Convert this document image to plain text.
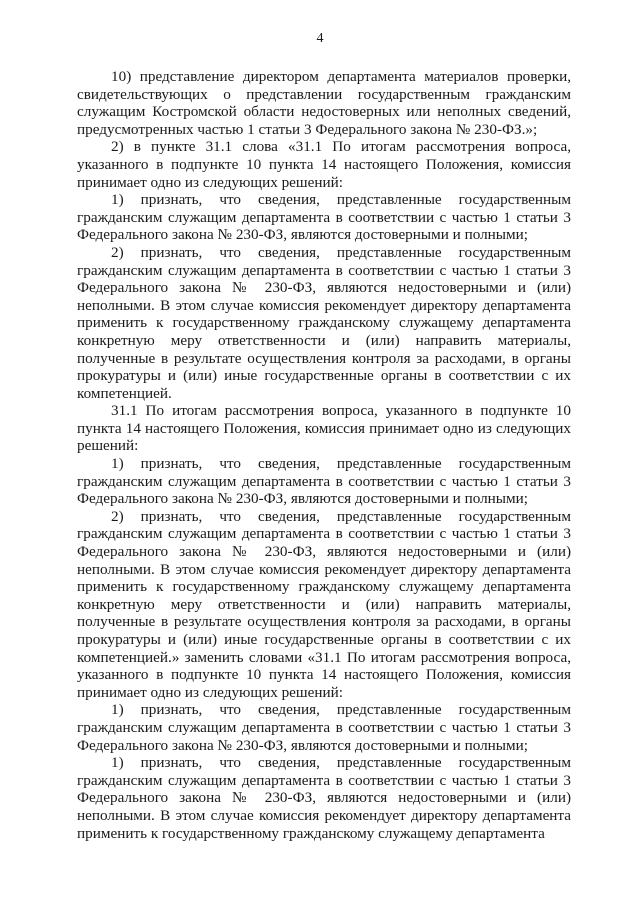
4

10) представление директором департамента материалов проверки, свидетельствующих о представлении государственным гражданским служащим Костромской области недостоверных или неполных сведений, предусмотренных частью 1 статьи 3 Федерального закона № 230-ФЗ.»;

2) в пункте 31.1 слова «31.1 По итогам рассмотрения вопроса, указанного в подпункте 10 пункта 14 настоящего Положения, комиссия принимает одно из следующих решений:

1) признать, что сведения, представленные государственным гражданским служащим департамента в соответствии с частью 1 статьи 3 Федерального закона № 230-ФЗ, являются достоверными и полными;

2) признать, что сведения, представленные государственным гражданским служащим департамента в соответствии с частью 1 статьи 3 Федерального закона № 230-ФЗ, являются недостоверными и (или) неполными. В этом случае комиссия рекомендует директору департамента применить к государственному гражданскому служащему департамента конкретную меру ответственности и (или) направить материалы, полученные в результате осуществления контроля за расходами, в органы прокуратуры и (или) иные государственные органы в соответствии с их компетенцией.

31.1 По итогам рассмотрения вопроса, указанного в подпункте 10 пункта 14 настоящего Положения, комиссия принимает одно из следующих решений:

1) признать, что сведения, представленные государственным гражданским служащим департамента в соответствии с частью 1 статьи 3 Федерального закона № 230-ФЗ, являются достоверными и полными;

2) признать, что сведения, представленные государственным гражданским служащим департамента в соответствии с частью 1 статьи 3 Федерального закона № 230-ФЗ, являются недостоверными и (или) неполными. В этом случае комиссия рекомендует директору департамента применить к государственному гражданскому служащему департамента конкретную меру ответственности и (или) направить материалы, полученные в результате осуществления контроля за расходами, в органы прокуратуры и (или) иные государственные органы в соответствии с их компетенцией.» заменить словами «31.1 По итогам рассмотрения вопроса, указанного в подпункте 10 пункта 14 настоящего Положения, комиссия принимает одно из следующих решений:

1) признать, что сведения, представленные государственным гражданским служащим департамента в соответствии с частью 1 статьи 3 Федерального закона № 230-ФЗ, являются достоверными и полными;

1) признать, что сведения, представленные государственным гражданским служащим департамента в соответствии с частью 1 статьи 3 Федерального закона № 230-ФЗ, являются недостоверными и (или) неполными. В этом случае комиссия рекомендует директору департамента применить к государственному гражданскому служащему департамента
